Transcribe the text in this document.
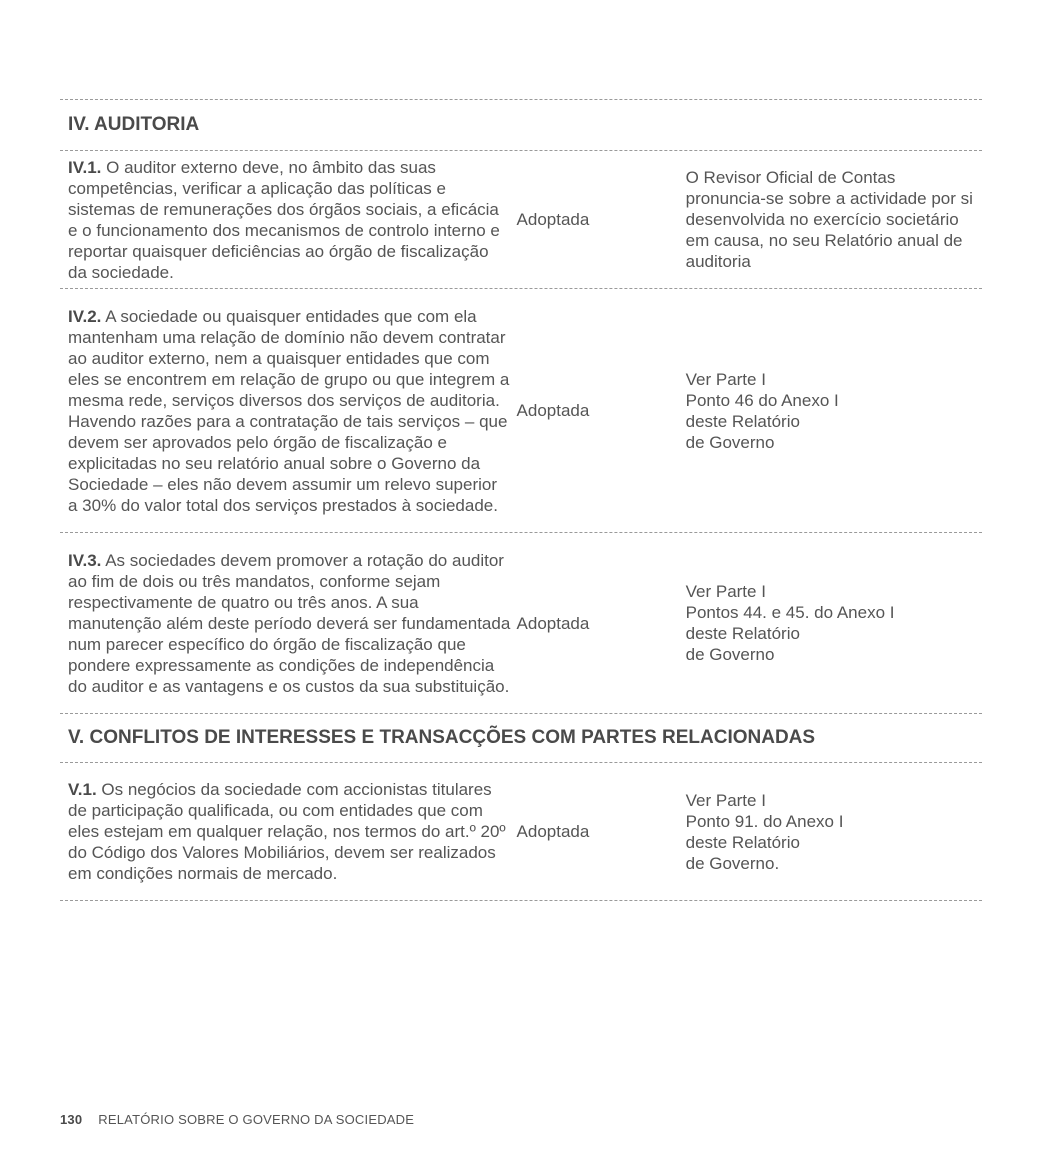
IV. AUDITORIA
IV.1. O auditor externo deve, no âmbito das suas competências, verificar a aplicação das políticas e sistemas de remunerações dos órgãos sociais, a eficácia e o funcionamento dos mecanismos de controlo interno e reportar quaisquer deficiências ao órgão de fiscalização da sociedade.
Adoptada
O Revisor Oficial de Contas pronuncia-se sobre a actividade por si desenvolvida no exercício societário em causa, no seu Relatório anual de auditoria
IV.2. A sociedade ou quaisquer entidades que com ela mantenham uma relação de domínio não devem contratar ao auditor externo, nem a quaisquer entidades que com eles se encontrem em relação de grupo ou que integrem a mesma rede, serviços diversos dos serviços de auditoria. Havendo razões para a contratação de tais serviços – que devem ser aprovados pelo órgão de fiscalização e explicitadas no seu relatório anual sobre o Governo da Sociedade – eles não devem assumir um relevo superior a 30% do valor total dos serviços prestados à sociedade.
Adoptada
Ver Parte I
Ponto 46 do Anexo I
deste Relatório
de Governo
IV.3. As sociedades devem promover a rotação do auditor ao fim de dois ou três mandatos, conforme sejam respectivamente de quatro ou três anos. A sua manutenção além deste período deverá ser fundamentada num parecer específico do órgão de fiscalização que pondere expressamente as condições de independência do auditor e as vantagens e os custos da sua substituição.
Adoptada
Ver Parte I
Pontos 44. e 45. do Anexo I
deste Relatório
de Governo
V. CONFLITOS DE INTERESSES E TRANSACÇÕES COM PARTES RELACIONADAS
V.1. Os negócios da sociedade com accionistas titulares de participação qualificada, ou com entidades que com eles estejam em qualquer relação, nos termos do art.º 20º do Código dos Valores Mobiliários, devem ser realizados em condições normais de mercado.
Adoptada
Ver Parte I
Ponto 91. do Anexo I
deste Relatório
de Governo.
130 RELATÓRIO SOBRE O GOVERNO DA SOCIEDADE
